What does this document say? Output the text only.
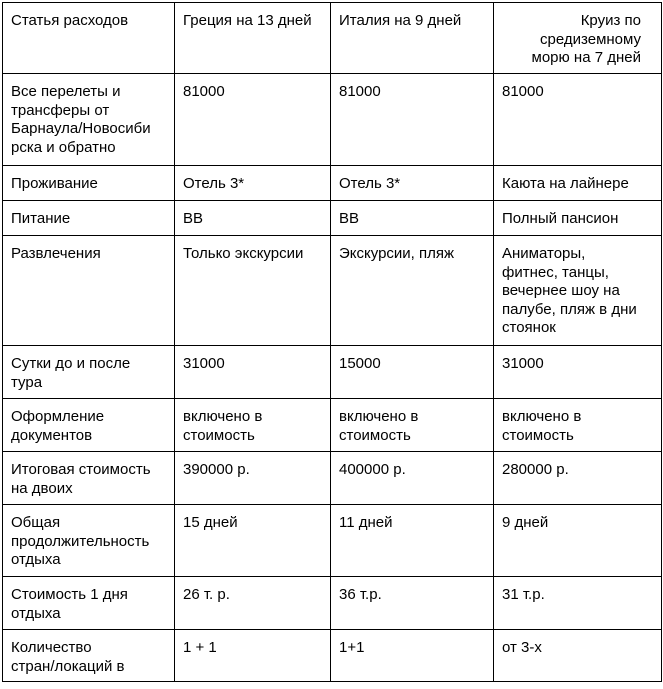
Статья расходов	Греция на 13 дней	Италия на 9 дней	Круиз по
средиземному
морю на 7 дней

Все перелеты и
трансферы от
Барнаула/Новосиби
рска и обратно	81000	81000	81000

Проживание	Отель 3*	Отель 3*	Каюта на лайнере

Питание	BB	BB	Полный пансион

Развлечения	Только экскурсии	Экскурсии, пляж	Аниматоры,
фитнес, танцы,
вечернее шоу на
палубе, пляж в дни
стоянок

Сутки до и после
тура	31000	15000	31000

Оформление
документов	включено в
стоимость	включено в
стоимость	включено в
стоимость

Итоговая стоимость
на двоих	390000 р.	400000 р.	280000 р.

Общая
продолжительность
отдыха	15 дней	11 дней	9 дней

Стоимость 1 дня
отдыха	26 т. р.	36 т.р.	31 т.р.

Количество
стран/локаций в	1 + 1	1+1	от 3-х
